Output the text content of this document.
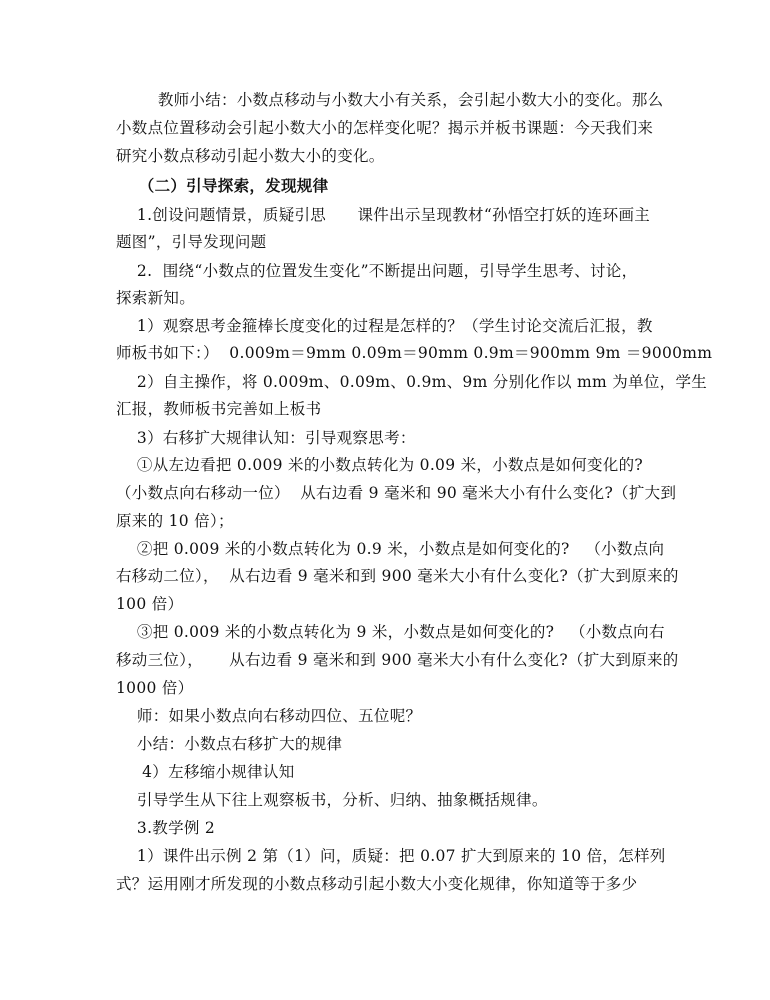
教师小结：小数点移动与小数大小有关系，会引起小数大小的变化。那么
小数点位置移动会引起小数大小的怎样变化呢？揭示并板书课题：今天我们来
研究小数点移动引起小数大小的变化。
（二）引导探索，发现规律
1.创设问题情景，质疑引思      课件出示呈现教材“孙悟空打妖的连环画主
题图”，引导发现问题
2.  围绕“小数点的位置发生变化”不断提出问题，引导学生思考、讨论，
探索新知。
1）观察思考金箍棒长度变化的过程是怎样的？（学生讨论交流后汇报，教
师板书如下：）  0.009m＝9mm 0.09m＝90mm 0.9m＝900mm 9m ＝9000mm
2）自主操作，将 0.009m、0.09m、0.9m、9m 分别化作以 mm 为单位，学生
汇报，教师板书完善如上板书
3）右移扩大规律认知：引导观察思考：
①从左边看把 0.009 米的小数点转化为 0.09 米，小数点是如何变化的?
（小数点向右移动一位）  从右边看 9 毫米和 90 毫米大小有什么变化?（扩大到
原来的 10 倍）；
②把 0.009 米的小数点转化为 0.9 米，小数点是如何变化的?   （小数点向
右移动二位），  从右边看 9 毫米和到 900 毫米大小有什么变化?（扩大到原来的
100 倍）
③把 0.009 米的小数点转化为 9 米，小数点是如何变化的?   （小数点向右
移动三位），     从右边看 9 毫米和到 900 毫米大小有什么变化?（扩大到原来的
1000 倍）
师：如果小数点向右移动四位、五位呢？
小结：小数点右移扩大的规律
4）左移缩小规律认知
引导学生从下往上观察板书，分析、归纳、抽象概括规律。
3.教学例 2
1）课件出示例 2 第（1）问，质疑：把 0.07 扩大到原来的 10 倍，怎样列
式？运用刚才所发现的小数点移动引起小数大小变化规律，你知道等于多少
